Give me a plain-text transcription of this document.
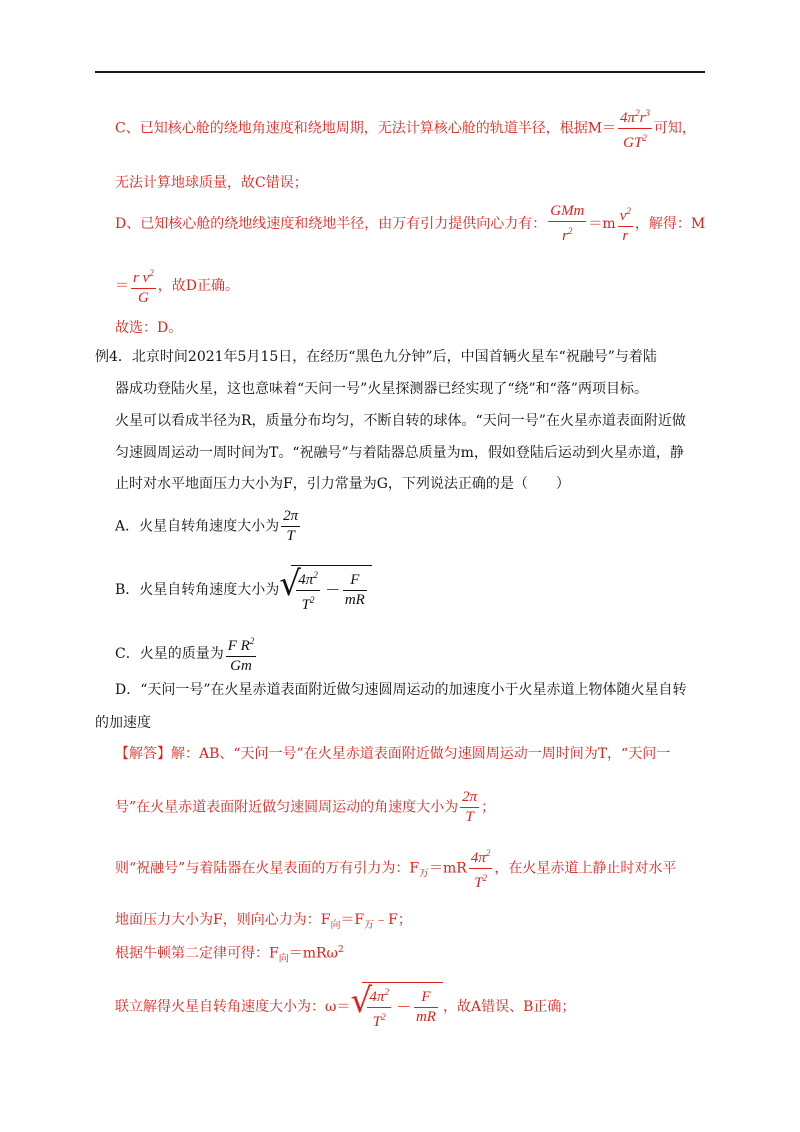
C、已知核心舱的绕地角速度和绕地周期，无法计算核心舱的轨道半径，根据$M= \frac{4\pi^2r^3}{GT^2}$ 可知，
无法计算地球质量，故C错误；
D、已知核心舱的绕地线速度和绕地半径，由万有引力提供向心力有： $\frac{\text{GMm}}{r^2} =m \frac{v^2}{r}$ ，解得：M
＝ $\frac{r v^2}{G}$ ，故D正确。
故选：D。
例4．北京时间2021年5月15日，在经历“黑色九分钟”后，中国首辆火星车“祝融号”与着陆
器成功登陆火星，这也意味着“天问一号”火星探测器已经实现了“绕”和“落”两项目标。
火星可以看成半径为R，质量分布均匀，不断自转的球体。“天问一号”在火星赤道表面附近做
匀速圆周运动一周时间为T。“祝融号”与着陆器总质量为m，假如登陆后运动到火星赤道，静
止时对水平地面压力大小为F，引力常量为G，下列说法正确的是（　　）
A．火星自转角速度大小为 $\frac{2\pi}{T}$
B．火星自转角速度大小为 √
$\frac{4\pi^2}{T^2} - \frac{F}{mR}$
C．火星的质量为 $\frac{F R^2}{Gm}$
D．“天问一号”在火星赤道表面附近做匀速圆周运动的加速度小于火星赤道上物体随火星自转
的加速度
【解答】解：AB、“天问一号”在火星赤道表面附近做匀速圆周运动一周时间为T，“天问一
号”在火星赤道表面附近做匀速圆周运动的角速度大小为 $\frac{2\pi}{T}$ ；
则“祝融号”与着陆器在火星表面的万有引力为：$F_万=mR \frac{4\pi^2}{T^2}$ ，在火星赤道上静止时对水平
地面压力大小为F，则向心力为：$F_向=F_万﹣F$；
根据牛顿第二定律可得：$F_向=mR\omega^2$
联立解得火星自转角速度大小为：ω＝ √
$\frac{4\pi^2}{T^2} - \frac{F}{mR}$ ，故A错误、B正确；
